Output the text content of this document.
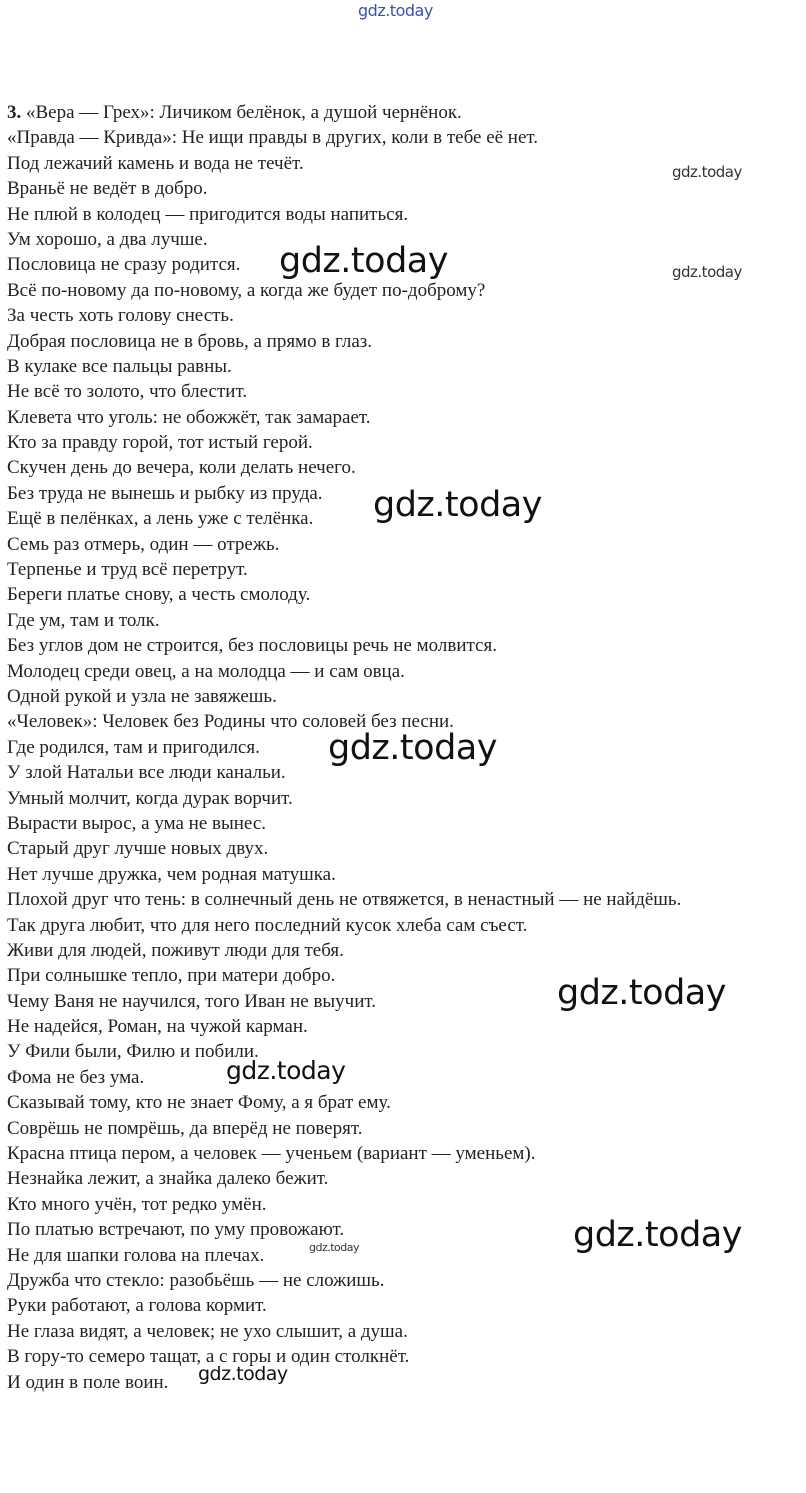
gdz.today
3. «Вера — Грех»: Личиком белёнок, а душой чернёнок.
«Правда — Кривда»: Не ищи правды в других, коли в тебе её нет.
Под лежачий камень и вода не течёт.
Враньё не ведёт в добро.
Не плюй в колодец — пригодится воды напиться.
Ум хорошо, а два лучше.
Пословица не сразу родится.
Всё по-новому да по-новому, а когда же будет по-доброму?
За честь хоть голову снесть.
Добрая пословица не в бровь, а прямо в глаз.
В кулаке все пальцы равны.
Не всё то золото, что блестит.
Клевета что уголь: не обожжёт, так замарает.
Кто за правду горой, тот истый герой.
Скучен день до вечера, коли делать нечего.
Без труда не вынешь и рыбку из пруда.
Ещё в пелёнках, а лень уже с телёнка.
Семь раз отмерь, один — отрежь.
Терпенье и труд всё перетрут.
Береги платье снову, а честь смолоду.
Где ум, там и толк.
Без углов дом не строится, без пословицы речь не молвится.
Молодец среди овец, а на молодца — и сам овца.
Одной рукой и узла не завяжешь.
«Человек»: Человек без Родины что соловей без песни.
Где родился, там и пригодился.
У злой Натальи все люди канальи.
Умный молчит, когда дурак ворчит.
Вырасти вырос, а ума не вынес.
Старый друг лучше новых двух.
Нет лучше дружка, чем родная матушка.
Плохой друг что тень: в солнечный день не отвяжется, в ненастный — не найдёшь.
Так друга любит, что для него последний кусок хлеба сам съест.
Живи для людей, поживут люди для тебя.
При солнышке тепло, при матери добро.
Чему Ваня не научился, того Иван не выучит.
Не надейся, Роман, на чужой карман.
У Фили были, Филю и побили.
Фома не без ума.
Сказывай тому, кто не знает Фому, а я брат ему.
Соврёшь не помрёшь, да вперёд не поверят.
Красна птица пером, а человек — ученьем (вариант — уменьем).
Незнайка лежит, а знайка далеко бежит.
Кто много учён, тот редко умён.
По платью встречают, по уму провожают.
Не для шапки голова на плечах.
Дружба что стекло: разобьёшь — не сложишь.
Руки работают, а голова кормит.
Не глаза видят, а человек; не ухо слышит, а душа.
В гору-то семеро тащат, а с горы и один столкнёт.
И один в поле воин.
gdz.today
gdz.today
gdz.today
gdz.today
gdz.today
gdz.today
gdz.today
gdz.today
gdz.today
gdz.today
